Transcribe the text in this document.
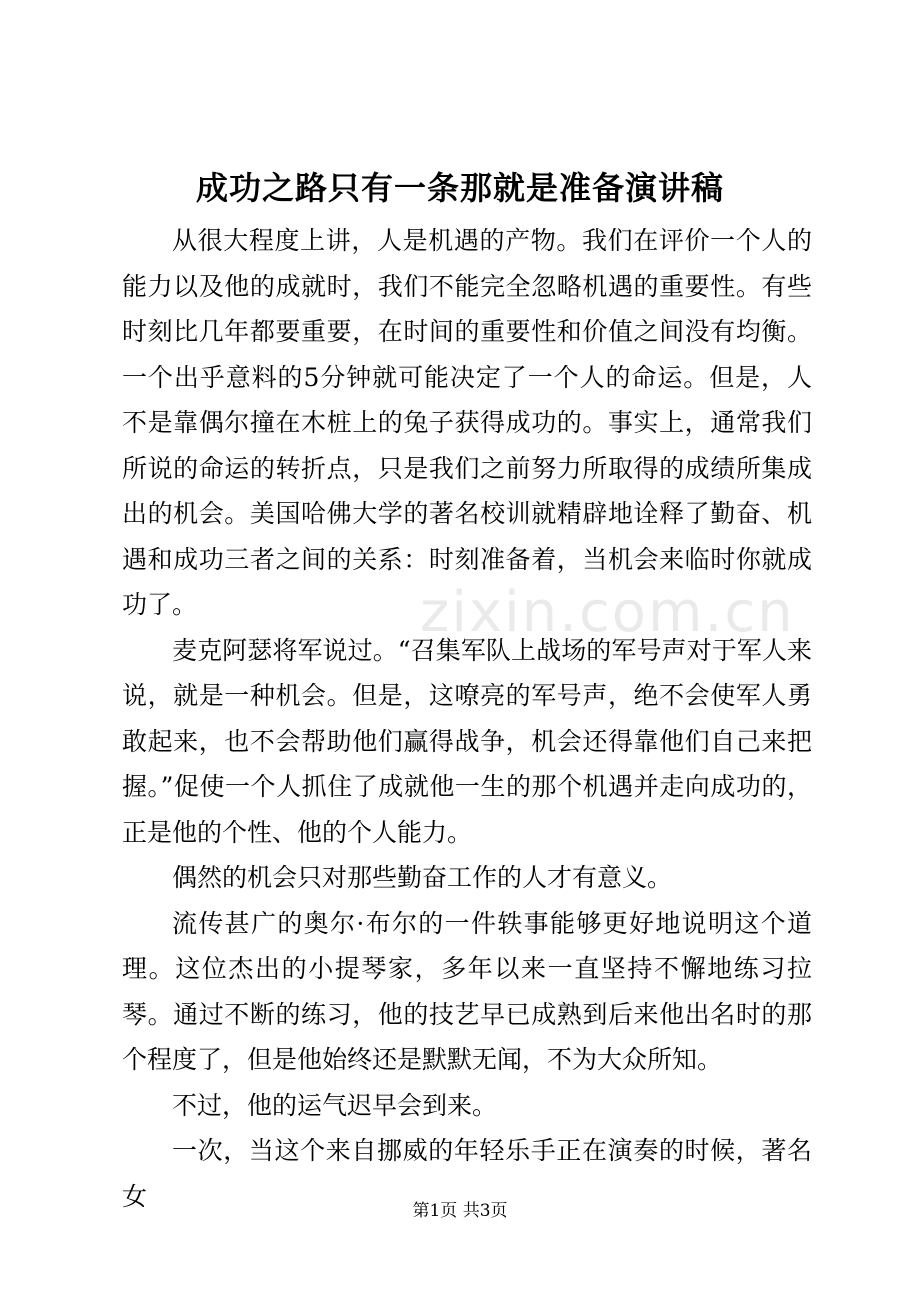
成功之路只有一条那就是准备演讲稿

从很大程度上讲，人是机遇的产物。我们在评价一个人的能力以及他的成就时，我们不能完全忽略机遇的重要性。有些时刻比几年都要重要，在时间的重要性和价值之间没有均衡。一个出乎意料的5分钟就可能决定了一个人的命运。但是，人不是靠偶尔撞在木桩上的兔子获得成功的。事实上，通常我们所说的命运的转折点，只是我们之前努力所取得的成绩所集成出的机会。美国哈佛大学的著名校训就精辟地诠释了勤奋、机遇和成功三者之间的关系：时刻准备着，当机会来临时你就成功了。

麦克阿瑟将军说过。“召集军队上战场的军号声对于军人来说，就是一种机会。但是，这嘹亮的军号声，绝不会使军人勇敢起来，也不会帮助他们赢得战争，机会还得靠他们自己来把握。”促使一个人抓住了成就他一生的那个机遇并走向成功的，正是他的个性、他的个人能力。

偶然的机会只对那些勤奋工作的人才有意义。

流传甚广的奥尔·布尔的一件轶事能够更好地说明这个道理。这位杰出的小提琴家，多年以来一直坚持不懈地练习拉琴。通过不断的练习，他的技艺早已成熟到后来他出名时的那个程度了，但是他始终还是默默无闻，不为大众所知。

不过，他的运气迟早会到来。

一次，当这个来自挪威的年轻乐手正在演奏的时候，著名女

zixin.com.cn
第1页 共3页
